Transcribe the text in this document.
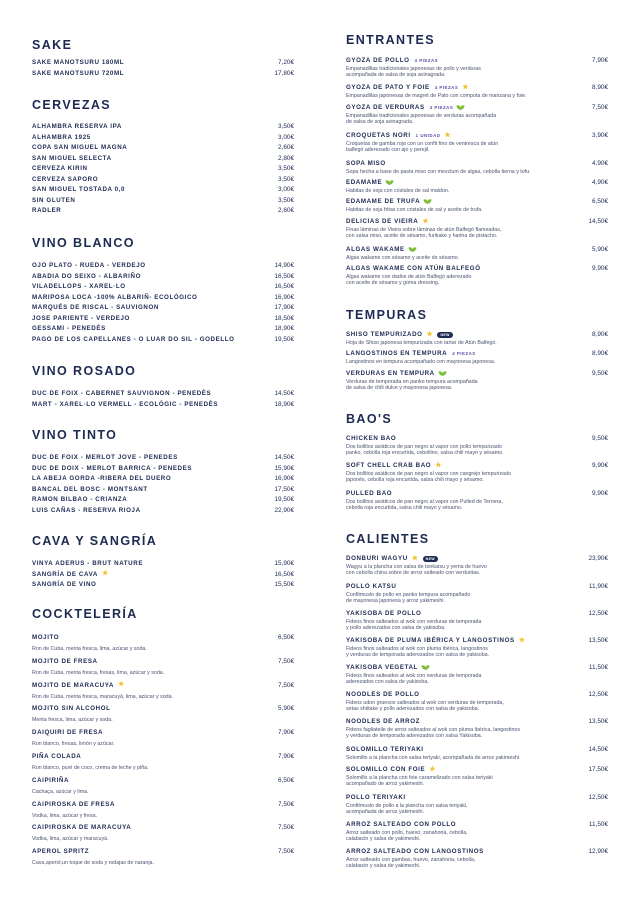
SAKE
SAKE MANOTSURU 180ML	7,20€
SAKE MANOTSURU 720ML	17,80€
CERVEZAS
ALHAMBRA RESERVA IPA	3,50€
ALHAMBRA 1925	3,00€
COPA SAN MIGUEL MAGNA	2,60€
SAN MIGUEL SELECTA	2,80€
CERVEZA KIRIN	3,50€
CERVEZA SAPORO	3,50€
SAN MIGUEL TOSTADA 0,0	3,00€
SIN GLUTEN	3,50€
RADLER	2,60€
VINO BLANCO
OJO PLATO - RUEDA - VERDEJO	14,90€
ABADIA DO SEIXO - ALBARIÑO	16,50€
VILADELLOPS - XAREL·LO	16,50€
MARIPOSA LOCA -100% ALBARIÑ- ECOLÓGICO	16,90€
MARQUÉS DE RISCAL - SAUVIGNON	17,90€
JOSE PARIENTE - VERDEJO	18,50€
GESSAMI - PENEDÉS	18,90€
PAGO DE LOS CAPELLANES - O LUAR DO SIL - GODELLO	19,50€
VINO ROSADO
DUC DE FOIX - CABERNET SAUVIGNON - PENEDÈS	14,50€
MART - XAREL·LO VERMELL - ECOLÓGIC - PENEDÈS	18,90€
VINO TINTO
DUC DE FOIX - MERLOT JOVE - PENEDES	14,50€
DUC DE DOIX - MERLOT BARRICA - PENEDES	15,90€
LA ABEJA GORDA -RIBERA DEL DUERO	16,90€
BANCAL DEL BOSC - MONTSANT	17,50€
RAMON BILBAO - CRIANZA	19,50€
LUIS CAÑAS - RESERVA RIOJA	22,90€
CAVA Y SANGRÍA
VINYA ADERUS - BRUT NATURE	15,90€
SANGRÍA DE CAVA ★	16,50€
SANGRÍA DE VINO	15,50€
COCKTELERÍA
MOJITO	6,50€
Ron de Cuba, menta fresca, lima, azúcar y soda.
MOJITO DE FRESA	7,50€
Ron de Cuba, menta fresca, fresas, lima, azúcar y soda.
MOJITO DE MARACUYA ★	7,50€
Ron de Cuba, menta fresca, maracuyá, lima, azúcar y soda.
MOJITO SIN ALCOHOL	5,90€
Menta fresca, lima, azúcar y soda.
DAIQUIRI DE FRESA	7,90€
Ron blanco, fresas, limón y azúcar.
PIÑA COLADA	7,90€
Ron blanco, puré de coco, crema de leche y piña.
CAIPIRIÑA	6,50€
Cachaça, azúcar y lima.
CAIPIROSKA DE FRESA	7,50€
Vodka, lima, azúcar y fresa.
CAIPIROSKA DE MARACUYA	7,50€
Vodka, lima, azúcar y maracuyá.
APEROL SPRITZ	7,50€
Cava,aperol,un toque de soda y rodajas de naranja.
ENTRANTES
GYOZA DE POLLO 4 PIEZAS	7,90€
Empanadillas tradicionales japonesas de pollo y verduras
acompañada de salsa de soja avinagrada.
GYOZA DE PATO Y FOIE 4 PIEZAS ★	8,90€
Empanadillas japonesas de magret de Pato con compota de manzana y foie.
GYOZA DE VERDURAS 4 PIEZAS	7,50€
Empanadillas tradicionales japonesas de verduras acompañada
de salsa de soja avinagrada.
CROQUETAS NORI 1 UNIDAD ★	3,90€
Croquetas de gamba roja con un confit fino de ventresca de atún
balfegó aderezado con ajo y perejil.
SOPA MISO	4,90€
Sopa hecha a base de pasta miso con mezclum de algas, cebolla tierna y tofu.
EDAMAME	4,90€
Habitas de soja con cristales de sal maldon.
EDAMAME DE TRUFA	6,50€
Habitas de soja fritas con cristales de sal y aceite de trufa.
DELICIAS DE VIEIRA ★	14,50€
Finas láminas de Vieira sobre láminas de atún Balfegó flameadas,
con salsa miso, aceite de sésamo, furikake y harina de pistacho.
ALGAS WAKAME	5,90€
Algas wakame con sésamo y aceite de sésamo.
ALGAS WAKAME CON ATÚN BALFEGÓ	9,90€
Algas wakame con dados de atún Balfegó aderezado
con aceite de sésamo y goma dressing.
TEMPURAS
SHISO TEMPURIZADO ★	NEW	8,90€
Hoja de Shiso japonesa tempurizada con tartar de Atún Balfegó.
LANGOSTINOS EN TEMPURA 4 PIEZAS	8,90€
Langostinos en tempura acompañado con mayonesa japonesa.
VERDURAS EN TEMPURA	9,50€
Verduras de temporada en panko tempura acompañada
de salsa de chili dulce y mayonesa japonesa.
BAO'S
CHICKEN BAO	9,50€
Dos bollitos asiáticos de pan negro al vapor con pollo tempurizado
panko, cebolla roja encurtida, cebollino, salsa chili mayo y sésamo.
SOFT CHELL CRAB BAO ★	9,90€
Dos bollitos asiáticos de pan negro al vapor con cangrejo tempurizado
japonés, cebolla roja encurtida, salsa chili mayo y sésamo.
PULLED BAO	9,90€
Dos bollitos asiáticos de pan negro al vapor con Pulled de Ternera,
cebolla roja encurtida, salsa chili mayo y sésamo.
CALIENTES
DONBURI WAGYU ★	NEW	23,90€
Wagyu a la plancha con salsa de tonkatsu y yema de huevo
con cebolla china sobre de arroz salteado con verduritas.
POLLO KATSU	11,90€
Confitmuslo de pollo en panko tempura acompañado
de mayonesa japonesa y arroz yakimeshi.
YAKISOBA DE POLLO	12,50€
Fideos finos salteados al wok con verduras de temporada
y pollo aderezados con salsa de yakisoba.
YAKISOBA DE PLUMA IBÉRICA Y LANGOSTINOS ★	13,50€
Fideos finos salteados al wok con pluma ibérica, langostinos
y verduras de temporada aderezados con salsa de yakisoba.
YAKISOBA VEGETAL	11,50€
Fideos finos salteados al wok con verduras de temporada
aderezados con salsa de yakisoba.
NOODLES DE POLLO	12,50€
Fideos udon gruesos salteados al wok con verduras de temporada,
setas shiitake y pollo aderezados con salsa de yakisoba.
NOODLES DE ARROZ	13,50€
Fideos fagliatelle de arroz salteados al wok con pluma ibérica, langostinos
y verduras de temporada aderezados con salsa Yakisoba.
SOLOMILLO TERIYAKI	14,50€
Solomillo a la plancha con salsa teriyaki, acompañada de arroz yakimeshi.
SOLOMILLO CON FOIE ★	17,50€
Solomillo a la plancha con foie caramelizado con salsa teriyaki
acompañado de arroz yakimeshi.
POLLO TERIYAKI	12,50€
Confitmuslo de pollo a la plancha con salsa teriyaki,
acompañada de arroz yakimeshi.
ARROZ SALTEADO CON POLLO	11,50€
Arroz salteado con pollo, huevo, zanahoria, cebolla,
calabacin y salsa de yakimeshi.
ARROZ SALTEADO CON LANGOSTINOS	12,90€
Arroz salteado con gambas, huevo, zanahoria, cebolla,
calabacin y salsa de yakimeshi.
